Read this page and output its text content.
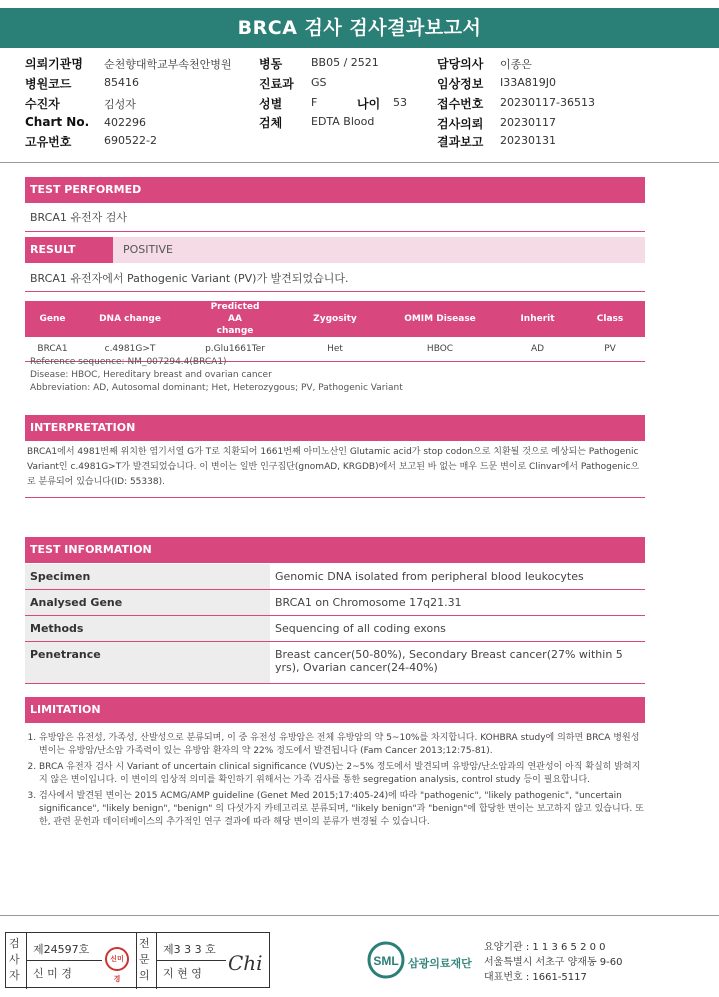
BRCA 검사 검사결과보고서
의뢰기관명 순천향대학교부속천안병원
병원코드	85416
수진자	김성자
Chart No. 402296
고유번호	690522-2
병동	BB05 / 2521
진료과 GS
성별	F	나이 53
검체	EDTA Blood
담당의사 이종은
임상정보 I33A819J0
접수번호 20230117-36513
검사의뢰 20230117
결과보고 20230131
TEST PERFORMED
BRCA1 유전자 검사
RESULT	POSITIVE
BRCA1 유전자에서 Pathogenic Variant (PV)가 발견되었습니다.
Gene	DNA change	Predicted AA change	Zygosity	OMIM Disease	Inherit	Class
BRCA1	c.4981G>T	p.Glu1661Ter	Het	HBOC	AD	PV
Reference sequence: NM_007294.4(BRCA1)
Disease: HBOC, Hereditary breast and ovarian cancer
Abbreviation: AD, Autosomal dominant; Het, Heterozygous; PV, Pathogenic Variant
INTERPRETATION
BRCA1에서 4981번째 위치한 염기서열 G가 T로 치환되어 1661번째 아미노산인 Glutamic acid가 stop codon으로 치환될 것으로 예상되는 Pathogenic Variant인 c.4981G>T가 발견되었습니다. 이 변이는 일반 인구집단(gnomAD, KRGDB)에서 보고된 바 없는 매우 드문 변이로 Clinvar에서 Pathogenic으로 분류되어 있습니다(ID: 55338).
TEST INFORMATION
Specimen	Genomic DNA isolated from peripheral blood leukocytes
Analysed Gene	BRCA1 on Chromosome 17q21.31
Methods	Sequencing of all coding exons
Penetrance	Breast cancer(50-80%), Secondary Breast cancer(27% within 5 yrs), Ovarian cancer(24-40%)
LIMITATION
1. 유방암은 유전성, 가족성, 산발성으로 분류되며, 이 중 유전성 유방암은 전체 유방암의 약 5~10%를 차지합니다. KOHBRA study에 의하면 BRCA 병원성 변이는 유방암/난소암 가족력이 있는 유방암 환자의 약 22% 정도에서 발견됩니다 (Fam Cancer 2013;12:75-81).
2. BRCA 유전자 검사 시 Variant of uncertain clinical significance (VUS)는 2~5% 정도에서 발견되며 유방암/난소암과의 연관성이 아직 확실히 밝혀지지 않은 변이입니다. 이 변이의 임상적 의미를 확인하기 위해서는 가족 검사를 통한 segregation analysis, control study 등이 필요합니다.
3. 검사에서 발견된 변이는 2015 ACMG/AMP guideline (Genet Med 2015;17:405-24)에 따라 "pathogenic", "likely pathogenic", "uncertain significance", "likely benign", "benign" 의 다섯가지 카테고리로 분류되며, "likely benign"과 "benign"에 합당한 변이는 보고하지 않고 있습니다. 또한, 관련 문헌과 데이터베이스의 추가적인 연구 결과에 따라 해당 변이의 분류가 변경될 수 있습니다.
검사자
제24597호
신 미 경
신미경
전문의
제3 3 3 호
지 현 영 Chi	SML 삼광의료재단
요양기관 : 1 1 3 6 5 2 0 0
서울특별시 서초구 양재동 9-60
대표번호 : 1661-5117
